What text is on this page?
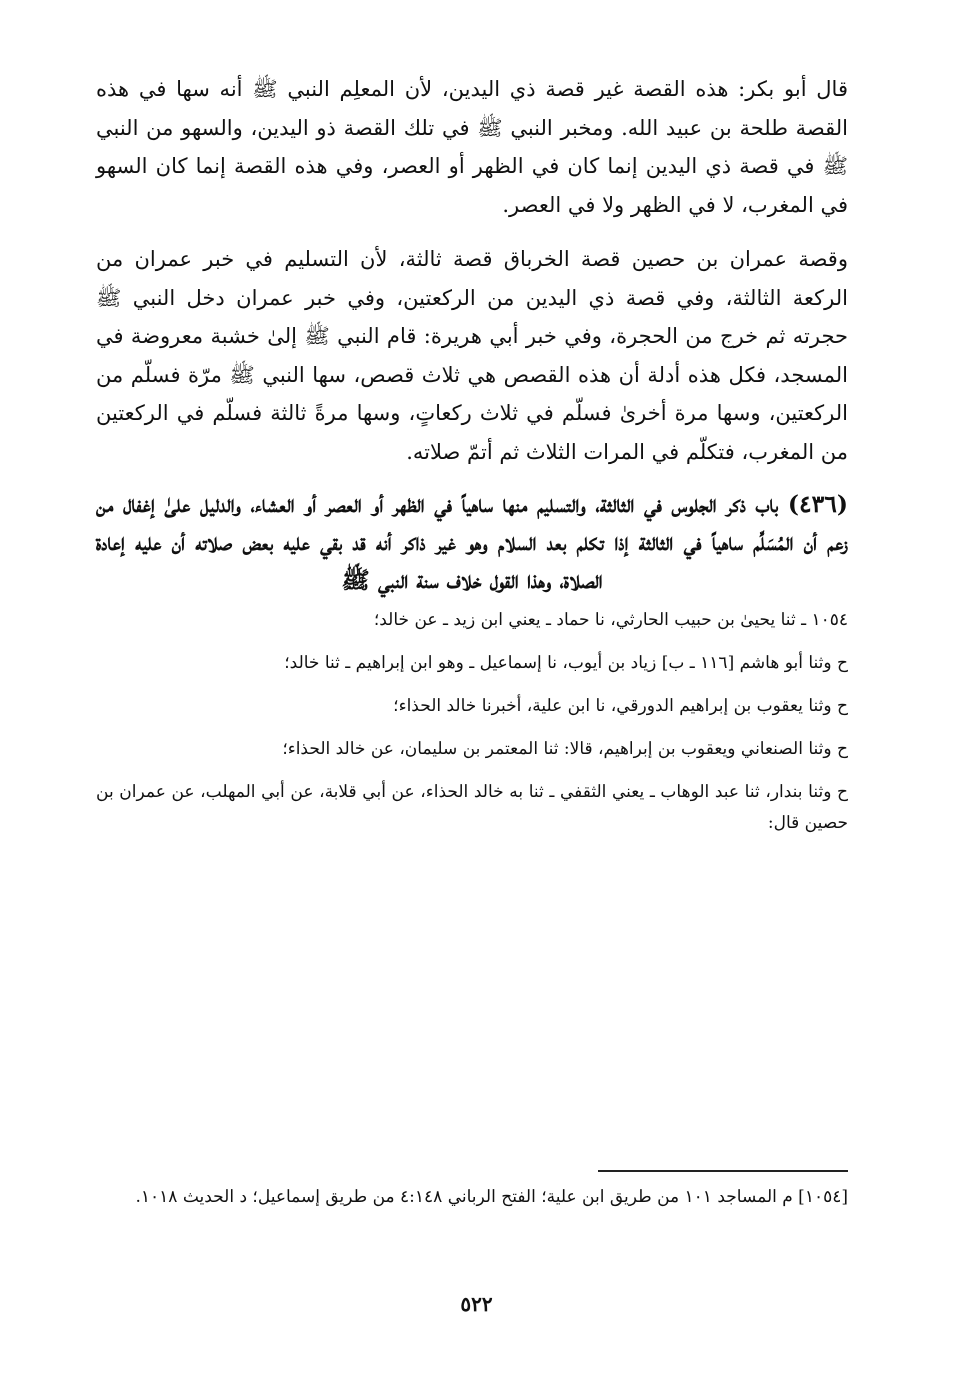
قال أبو بكر: هذه القصة غير قصة ذي اليدين، لأن المعلِم النبي ﷺ أنه سها في هذه القصة طلحة بن عبيد الله. ومخبر النبي ﷺ في تلك القصة ذو اليدين، والسهو من النبي ﷺ في قصة ذي اليدين إنما كان في الظهر أو العصر، وفي هذه القصة إنما كان السهو في المغرب، لا في الظهر ولا في العصر.

وقصة عمران بن حصين قصة الخرباق قصة ثالثة، لأن التسليم في خبر عمران من الركعة الثالثة، وفي قصة ذي اليدين من الركعتين، وفي خبر عمران دخل النبي ﷺ حجرته ثم خرج من الحجرة، وفي خبر أبي هريرة: قام النبي ﷺ إلىٰ خشبة معروضة في المسجد، فكل هذه أدلة أن هذه القصص هي ثلاث قصص، سها النبي ﷺ مرّة فسلّم من الركعتين، وسها مرة أخرىٰ فسلّم في ثلاث ركعاتٍ، وسها مرةً ثالثة فسلّم في الركعتين من المغرب، فتكلّم في المرات الثلاث ثم أتمّ صلاته.

(٤٣٦) باب ذكر الجلوس في الثالثة، والتسليم منها ساهياً في الظهر أو العصر أو العشاء، والدليل علىٰ إغفال من زعم أن المُسَلِّم ساهياً في الثالثة إذا تكلم بعد السلام وهو غير ذاكر أنه قد بقي عليه بعض صلاته أن عليه إعادة الصلاة، وهذا القول خلاف سنة النبي ﷺ

١٠٥٤ ـ ثنا يحيىٰ بن حبيب الحارثي، نا حماد ـ يعني ابن زيد ـ عن خالد؛

ح وثنا أبو هاشم [١١٦ ـ ب] زياد بن أيوب، نا إسماعيل ـ وهو ابن إبراهيم ـ ثنا خالد؛

ح وثنا يعقوب بن إبراهيم الدورقي، نا ابن علية، أخبرنا خالد الحذاء؛

ح وثنا الصنعاني ويعقوب بن إبراهيم، قالا: ثنا المعتمر بن سليمان، عن خالد الحذاء؛

ح وثنا بندار، ثنا عبد الوهاب ـ يعني الثقفي ـ ثنا به خالد الحذاء، عن أبي قلابة، عن أبي المهلب، عن عمران بن حصين قال:

[١٠٥٤] م المساجد ١٠١ من طريق ابن علية؛ الفتح الرباني ٤:١٤٨ من طريق إسماعيل؛ د الحديث ١٠١٨.

٥٢٢
